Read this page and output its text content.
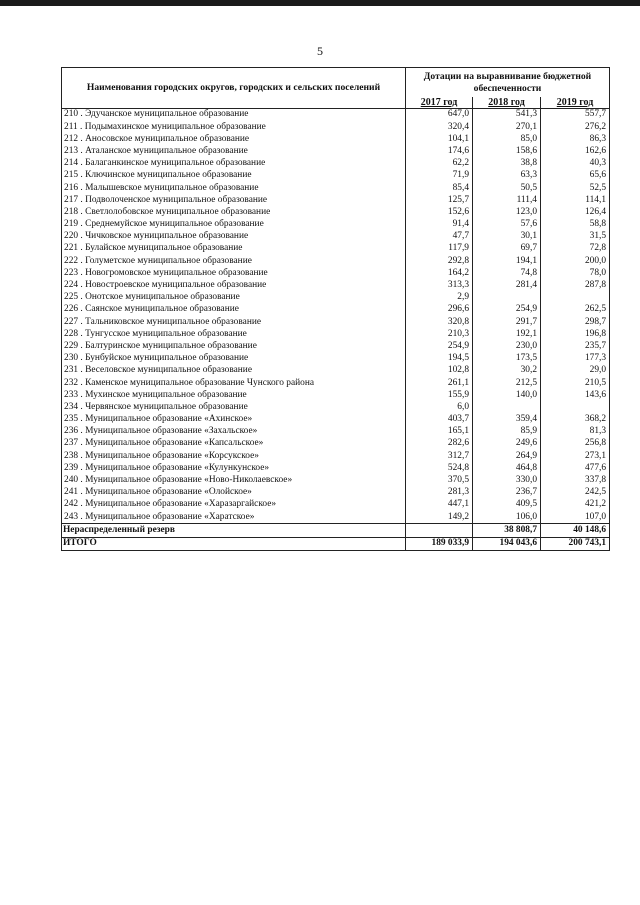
5
Наименования городских округов, городских и сельских поселений	Дотации на выравнивание бюджетной обеспеченности		
	2017 год	2018 год	2019 год
210 . Эдучанское муниципальное образование	647,0	541,3	557,7
211 . Подымахинское муниципальное образование	320,4	270,1	276,2
212 . Аносовское муниципальное образование	104,1	85,0	86,3
213 . Аталанское муниципальное образование	174,6	158,6	162,6
214 . Балаганкинское муниципальное образование	62,2	38,8	40,3
215 . Ключинское муниципальное образование	71,9	63,3	65,6
216 . Малышевское муниципальное образование	85,4	50,5	52,5
217 . Подволоченское муниципальное образование	125,7	111,4	114,1
218 . Светлолобовское муниципальное образование	152,6	123,0	126,4
219 . Среднемуйское муниципальное образование	91,4	57,6	58,8
220 . Чичковское муниципальное образование	47,7	30,1	31,5
221 . Булайское муниципальное образование	117,9	69,7	72,8
222 . Голуметское муниципальное образование	292,8	194,1	200,0
223 . Новогромовское муниципальное образование	164,2	74,8	78,0
224 . Новостроевское муниципальное образование	313,3	281,4	287,8
225 . Онотское муниципальное образование	2,9		
226 . Саянское муниципальное образование	296,6	254,9	262,5
227 . Тальниковское муниципальное образование	320,8	291,7	298,7
228 . Тунгусское муниципальное образование	210,3	192,1	196,8
229 . Балтуринское муниципальное образование	254,9	230,0	235,7
230 . Бунбуйское муниципальное образование	194,5	173,5	177,3
231 . Веселовское муниципальное образование	102,8	30,2	29,0
232 . Каменское муниципальное образование Чунского района	261,1	212,5	210,5
233 . Мухинское муниципальное образование	155,9	140,0	143,6
234 . Червянское муниципальное образование	6,0		
235 . Муниципальное образование «Ахинское»	403,7	359,4	368,2
236 . Муниципальное образование «Захальское»	165,1	85,9	81,3
237 . Муниципальное образование «Капсальское»	282,6	249,6	256,8
238 . Муниципальное образование «Корсукское»	312,7	264,9	273,1
239 . Муниципальное образование «Кулункунское»	524,8	464,8	477,6
240 . Муниципальное образование «Ново-Николаевское»	370,5	330,0	337,8
241 . Муниципальное образование «Олойское»	281,3	236,7	242,5
242 . Муниципальное образование «Харазаргайское»	447,1	409,5	421,2
243 . Муниципальное образование «Харатское»	149,2	106,0	107,0
Нераспределенный резерв		38 808,7	40 148,6
ИТОГО	189 033,9	194 043,6	200 743,1
